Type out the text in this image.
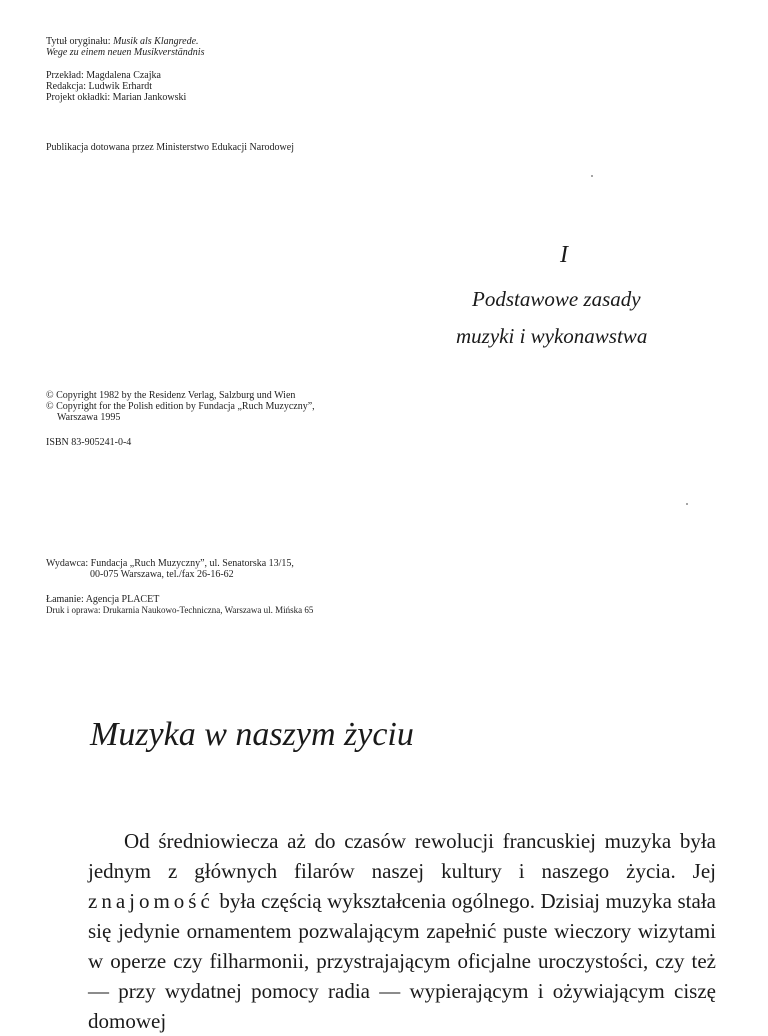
Tytuł oryginału: Musik als Klangrede.

Wege zu einem neuen Musikverständnis

Przekład: Magdalena Czajka

Redakcja: Ludwik Erhardt

Projekt okładki: Marian Jankowski

Publikacja dotowana przez Ministerstwo Edukacji Narodowej

I
Podstawowe zasady
muzyki i wykonawstwa

© Copyright 1982 by the Residenz Verlag, Salzburg und Wien

© Copyright for the Polish edition by Fundacja „Ruch Muzyczny”,

Warszawa 1995

ISBN 83-905241-0-4

Wydawca: Fundacja „Ruch Muzyczny”, ul. Senatorska 13/15,

00-075 Warszawa, tel./fax 26-16-62

Łamanie: Agencja PLACET

Druk i oprawa: Drukarnia Naukowo-Techniczna, Warszawa ul. Mińska 65

Muzyka w naszym życiu

Od średniowiecza aż do czasów rewolucji francuskiej muzyka była jednym z głównych filarów naszej kultury i naszego życia. Jej znajomość była częścią wykształcenia ogólnego. Dzisiaj muzyka stała się jedynie ornamentem pozwalającym zapełnić puste wieczory wizytami w operze czy filharmonii, przystrajającym oficjalne uroczystości, czy też — przy wydatnej pomocy radia — wypierającym i ożywiającym ciszę domowej
